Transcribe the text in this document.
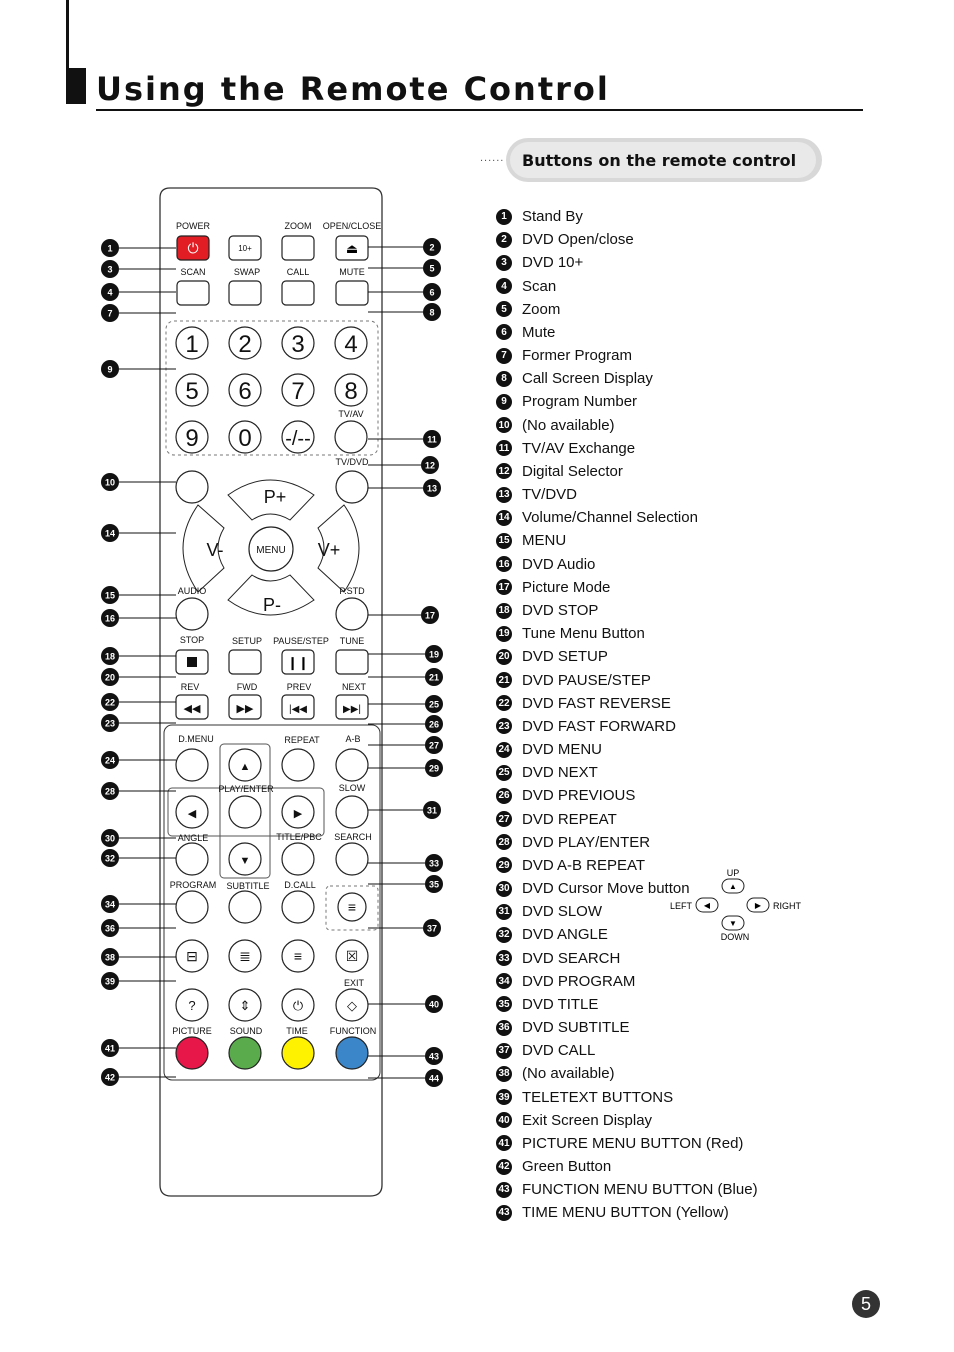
Using the Remote Control
...... Buttons on the remote control
1
3
4
7
9
10
14
15
16
18
20
22
23
24
28
30
32
34
36
38
39
41
42
2
5
6
8
11
12
13
17
19
21
25
26
27
29
31
33
35
37
40
43
44
POWER
⏻	10+
ZOOM OPEN/CLOSE
⏏
SCAN	SWAP	CALL	MUTE
1 2 3 4
5 6 7 8
9 0 -/--
TV/AV
TV/DVD
P+
P-
V-	V+
MENU
AUDIO	P.STD
STOP	SETUP PAUSE/STEP TUNE
❙❙
REV
◀◀
FWD
▶▶
PREV
|◀◀
NEXT
▶▶|
D.MENU
▲
REPEAT	A-B
◀
PLAY/ENTER
▶
SLOW
ANGLE
▼
TITLE/PBC SEARCH
PROGRAM SUBTITLE D.CALL
≡
⊟	≣	≡	☒
EXIT
?	⇕	⏻	◇
PICTURE SOUND	TIME FUNCTION
UP
▲
LEFT ◀	▶ RIGHT
▼
DOWN
1	Stand By
2	DVD Open/close
3	DVD 10+
4	Scan
5	Zoom
6	Mute
7	Former Program
8	Call Screen Display
9	Program Number
10 (No available)
11 TV/AV Exchange
12 Digital Selector
13 TV/DVD
14 Volume/Channel Selection
15 MENU
16 DVD Audio
17 Picture Mode
18 DVD STOP
19 Tune Menu Button
20 DVD SETUP
21 DVD PAUSE/STEP
22 DVD FAST REVERSE
23 DVD FAST FORWARD
24 DVD MENU
25 DVD NEXT
26 DVD PREVIOUS
27 DVD REPEAT
28 DVD PLAY/ENTER
29 DVD A-B REPEAT
30 DVD Cursor Move button
31 DVD SLOW
32 DVD ANGLE
33 DVD SEARCH
34 DVD PROGRAM
35 DVD TITLE
36 DVD SUBTITLE
37 DVD CALL
38 (No available)
39 TELETEXT BUTTONS
40 Exit Screen Display
41 PICTURE MENU BUTTON (Red)
42 Green Button
43 FUNCTION MENU BUTTON (Blue)
43 TIME MENU BUTTON (Yellow)
5
